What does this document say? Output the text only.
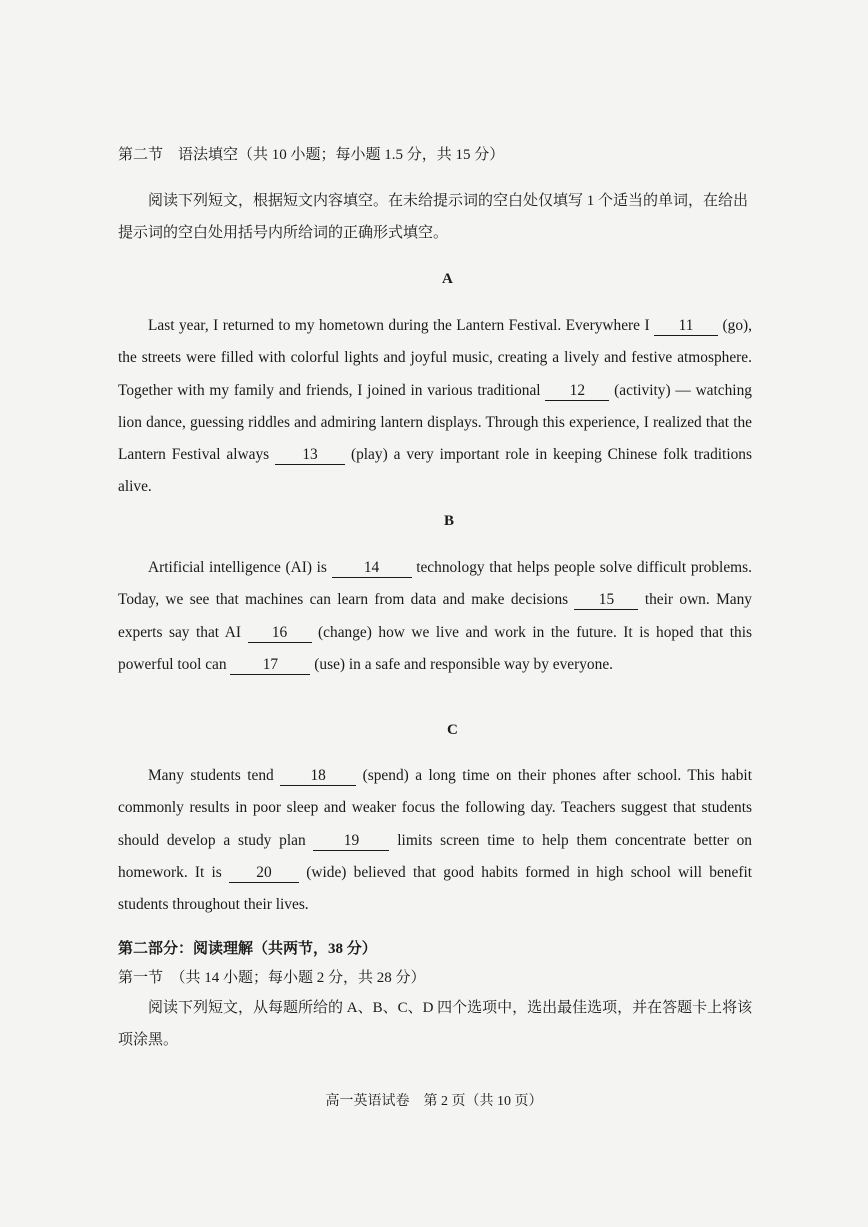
第二节　语法填空（共 10 小题；每小题 1.5 分，共 15 分）
阅读下列短文，根据短文内容填空。在未给提示词的空白处仅填写 1 个适当的单词，在给出提示词的空白处用括号内所给词的正确形式填空。
A
Last year, I returned to my hometown during the Lantern Festival. Everywhere I 11 (go), the streets were filled with colorful lights and joyful music, creating a lively and festive atmosphere. Together with my family and friends, I joined in various traditional 12 (activity) — watching lion dance, guessing riddles and admiring lantern displays. Through this experience, I realized that the Lantern Festival always 13 (play) a very important role in keeping Chinese folk traditions alive.
B
Artificial intelligence (AI) is 14 technology that helps people solve difficult problems. Today, we see that machines can learn from data and make decisions 15 their own. Many experts say that AI 16 (change) how we live and work in the future. It is hoped that this powerful tool can 17 (use) in a safe and responsible way by everyone.
C
Many students tend 18 (spend) a long time on their phones after school. This habit commonly results in poor sleep and weaker focus the following day. Teachers suggest that students should develop a study plan 19 limits screen time to help them concentrate better on homework. It is 20 (wide) believed that good habits formed in high school will benefit students throughout their lives.
第二部分：阅读理解（共两节，38 分）
第一节　（共 14 小题；每小题 2 分，共 28 分）
阅读下列短文，从每题所给的 A、B、C、D 四个选项中，选出最佳选项，并在答题卡上将该项涂黑。
高一英语试卷　第 2 页（共 10 页）
